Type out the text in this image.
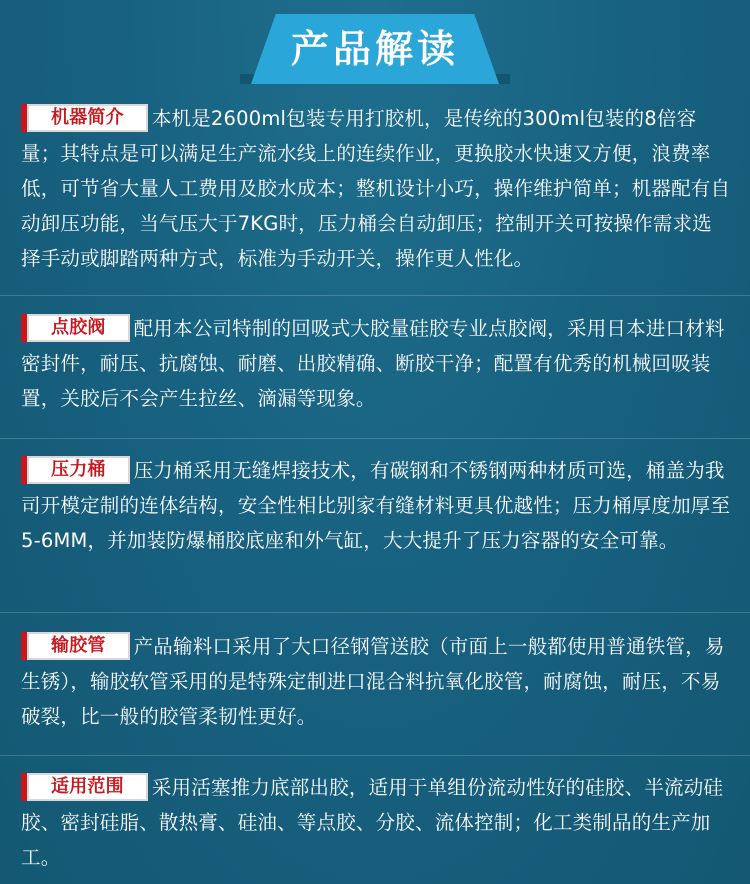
产品解读

机器简介 本机是2600ml包装专用打胶机，是传统的300ml包装的8倍容量；其特点是可以满足生产流水线上的连续作业，更换胶水快速又方便，浪费率低，可节省大量人工费用及胶水成本；整机设计小巧，操作维护简单；机器配有自动卸压功能，当气压大于7KG时，压力桶会自动卸压；控制开关可按操作需求选择手动或脚踏两种方式，标准为手动开关，操作更人性化。

点胶阀 配用本公司特制的回吸式大胶量硅胶专业点胶阀，采用日本进口材料密封件，耐压、抗腐蚀、耐磨、出胶精确、断胶干净；配置有优秀的机械回吸装置，关胶后不会产生拉丝、滴漏等现象。

压力桶 压力桶采用无缝焊接技术，有碳钢和不锈钢两种材质可选，桶盖为我司开模定制的连体结构，安全性相比别家有缝材料更具优越性；压力桶厚度加厚至5-6MM，并加装防爆桶胶底座和外气缸，大大提升了压力容器的安全可靠。

输胶管 产品输料口采用了大口径钢管送胶（市面上一般都使用普通铁管，易生锈），输胶软管采用的是特殊定制进口混合料抗氧化胶管，耐腐蚀，耐压，不易破裂，比一般的胶管柔韧性更好。

适用范围 采用活塞推力底部出胶，适用于单组份流动性好的硅胶、半流动硅胶、密封硅脂、散热膏、硅油、等点胶、分胶、流体控制；化工类制品的生产加工。
